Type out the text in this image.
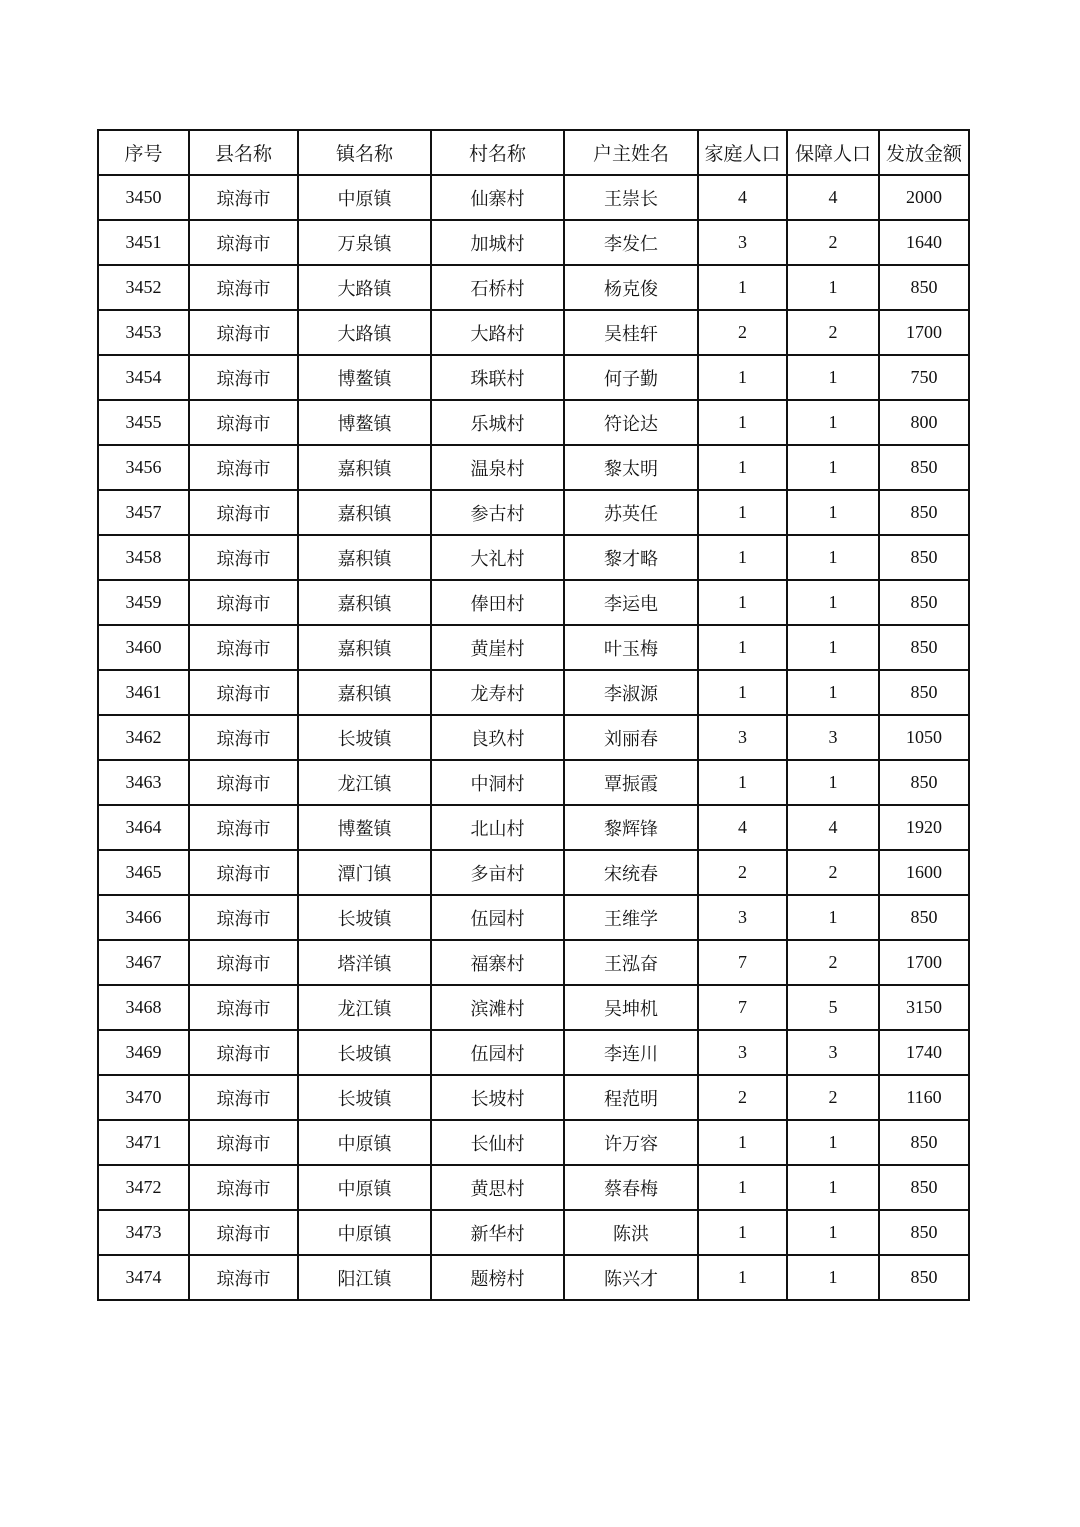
序号	县名称	镇名称	村名称	户主姓名	家庭人口	保障人口	发放金额
3450	琼海市	中原镇	仙寨村	王崇长	4	4	2000
3451	琼海市	万泉镇	加城村	李发仁	3	2	1640
3452	琼海市	大路镇	石桥村	杨克俊	1	1	850
3453	琼海市	大路镇	大路村	吴桂轩	2	2	1700
3454	琼海市	博鳌镇	珠联村	何子勤	1	1	750
3455	琼海市	博鳌镇	乐城村	符论达	1	1	800
3456	琼海市	嘉积镇	温泉村	黎太明	1	1	850
3457	琼海市	嘉积镇	参古村	苏英任	1	1	850
3458	琼海市	嘉积镇	大礼村	黎才略	1	1	850
3459	琼海市	嘉积镇	俸田村	李运电	1	1	850
3460	琼海市	嘉积镇	黄崖村	叶玉梅	1	1	850
3461	琼海市	嘉积镇	龙寿村	李淑源	1	1	850
3462	琼海市	长坡镇	良玖村	刘丽春	3	3	1050
3463	琼海市	龙江镇	中洞村	覃振霞	1	1	850
3464	琼海市	博鳌镇	北山村	黎辉锋	4	4	1920
3465	琼海市	潭门镇	多亩村	宋统春	2	2	1600
3466	琼海市	长坡镇	伍园村	王维学	3	1	850
3467	琼海市	塔洋镇	福寨村	王泓奋	7	2	1700
3468	琼海市	龙江镇	滨滩村	吴坤机	7	5	3150
3469	琼海市	长坡镇	伍园村	李连川	3	3	1740
3470	琼海市	长坡镇	长坡村	程范明	2	2	1160
3471	琼海市	中原镇	长仙村	许万容	1	1	850
3472	琼海市	中原镇	黄思村	蔡春梅	1	1	850
3473	琼海市	中原镇	新华村	陈洪	1	1	850
3474	琼海市	阳江镇	题榜村	陈兴才	1	1	850
